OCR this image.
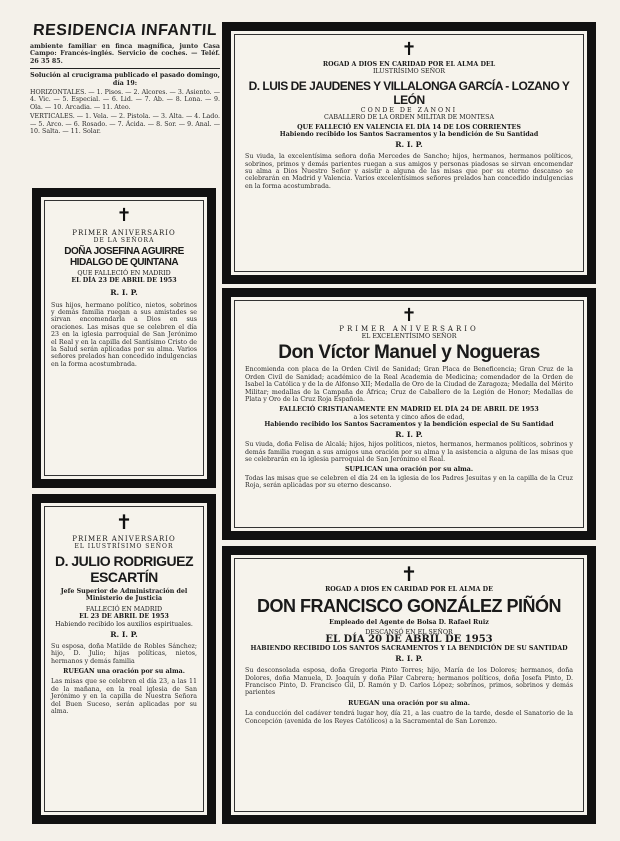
RESIDENCIA INFANTIL
ambiente familiar en finca magnífica, junto Casa Campo: Francés-inglés. Servicio de coches. — Teléf. 26 35 85.
Solución al crucigrama publicado el pasado domingo, día 19:
HORIZONTALES. — 1. Pisos. — 2. Alcores. — 3. Asiento. — 4. Vic. — 5. Especial. — 6. Lid. — 7. Ab. — 8. Lona. — 9. Ola. — 10. Arcadia. — 11. Ateo.
VERTICALES. — 1. Vela. — 2. Pistola. — 3. Alta. — 4. Lado. — 5. Arco. — 6. Rosado. — 7. Ácida. — 8. Sor. — 9. Anal. — 10. Salta. — 11. Solar.
✝
PRIMER ANIVERSARIO
DE LA SEÑORA
DOÑA JOSEFINA AGUIRRE
HIDALGO DE QUINTANA
QUE FALLECIÓ EN MADRID
EL DÍA 23 DE ABRIL DE 1953
R. I. P.
Sus hijos, hermano político, nietos, sobrinos y demás familia ruegan a sus amistades se sirvan encomendarla a Dios en sus oraciones. Las misas que se celebren el día 23 en la iglesia parroquial de San Jerónimo el Real y en la capilla del Santísimo Cristo de la Salud serán aplicadas por su alma. Varios señores prelados han concedido indulgencias en la forma acostumbrada.
✝
PRIMER ANIVERSARIO
EL ILUSTRÍSIMO SEÑOR
D. JULIO RODRIGUEZ
ESCARTÍN
Jefe Superior de Administración del Ministerio de Justicia
FALLECIÓ EN MADRID
EL 23 DE ABRIL DE 1953
Habiendo recibido los auxilios espirituales.
R. I. P.
Su esposa, doña Matilde de Robles Sánchez; hijo, D. Julio; hijas políticas, nietos, hermanos y demás familia
RUEGAN una oración por su alma.
Las misas que se celebren el día 23, a las 11 de la mañana, en la real iglesia de San Jerónimo y en la capilla de Nuestra Señora del Buen Suceso, serán aplicadas por su alma.
✝
ROGAD A DIOS EN CARIDAD POR EL ALMA DEL
ILUSTRÍSIMO SEÑOR
D. LUIS DE JAUDENES Y VILLALONGA GARCÍA - LOZANO Y LEÓN
CONDE DE ZANONI
CABALLERO DE LA ORDEN MILITAR DE MONTESA
QUE FALLECIÓ EN VALENCIA EL DÍA 14 DE LOS CORRIENTES
Habiendo recibido los Santos Sacramentos y la bendición de Su Santidad
R. I. P.
Su viuda, la excelentísima señora doña Mercedes de Sancho; hijos, hermanos, hermanos políticos, sobrinos, primos y demás parientes ruegan a sus amigos y personas piadosas se sirvan encomendar su alma a Dios Nuestro Señor y asistir a alguna de las misas que por su eterno descanso se celebrarán en Madrid y Valencia. Varios excelentísimos señores prelados han concedido indulgencias en la forma acostumbrada.
✝
PRIMER ANIVERSARIO
EL EXCELENTÍSIMO SEÑOR
Don Víctor Manuel y Nogueras
Encomienda con placa de la Orden Civil de Sanidad; Gran Placa de Beneficencia; Gran Cruz de la Orden Civil de Sanidad; académico de la Real Academia de Medicina; comendador de la Orden de Isabel la Católica y de la de Alfonso XII; Medalla de Oro de la Ciudad de Zaragoza; Medalla del Mérito Militar; medallas de la Campaña de África; Cruz de Caballero de la Legión de Honor; Medallas de Plata y Oro de la Cruz Roja Española.
FALLECIÓ CRISTIANAMENTE EN MADRID EL DÍA 24 DE ABRIL DE 1953
a los setenta y cinco años de edad,
Habiendo recibido los Santos Sacramentos y la bendición especial de Su Santidad
R. I. P.
Su viuda, doña Felisa de Alcalá; hijos, hijos políticos, nietos, hermanos, hermanos políticos, sobrinos y demás familia ruegan a sus amigos una oración por su alma y la asistencia a alguna de las misas que se celebrarán en la iglesia parroquial de San Jerónimo el Real.
SUPLICAN una oración por su alma.
Todas las misas que se celebren el día 24 en la iglesia de los Padres Jesuitas y en la capilla de la Cruz Roja, serán aplicadas por su eterno descanso.
✝
ROGAD A DIOS EN CARIDAD POR EL ALMA DE
DON FRANCISCO GONZÁLEZ PIÑÓN
Empleado del Agente de Bolsa D. Rafael Ruiz
DESCANSÓ EN EL SEÑOR
EL DÍA 20 DE ABRIL DE 1953
HABIENDO RECIBIDO LOS SANTOS SACRAMENTOS Y LA BENDICIÓN DE SU SANTIDAD
R. I. P.
Su desconsolada esposa, doña Gregoria Pinto Torres; hijo, María de los Dolores; hermanos, doña Dolores, doña Manuela, D. Joaquín y doña Pilar Cabrera; hermanos políticos, doña Josefa Pinto, D. Francisco Pinto, D. Francisco Gil, D. Ramón y D. Carlos López; sobrinos, primos, sobrinos y demás parientes
RUEGAN una oración por su alma.
La conducción del cadáver tendrá lugar hoy, día 21, a las cuatro de la tarde, desde el Sanatorio de la Concepción (avenida de los Reyes Católicos) a la Sacramental de San Lorenzo.
